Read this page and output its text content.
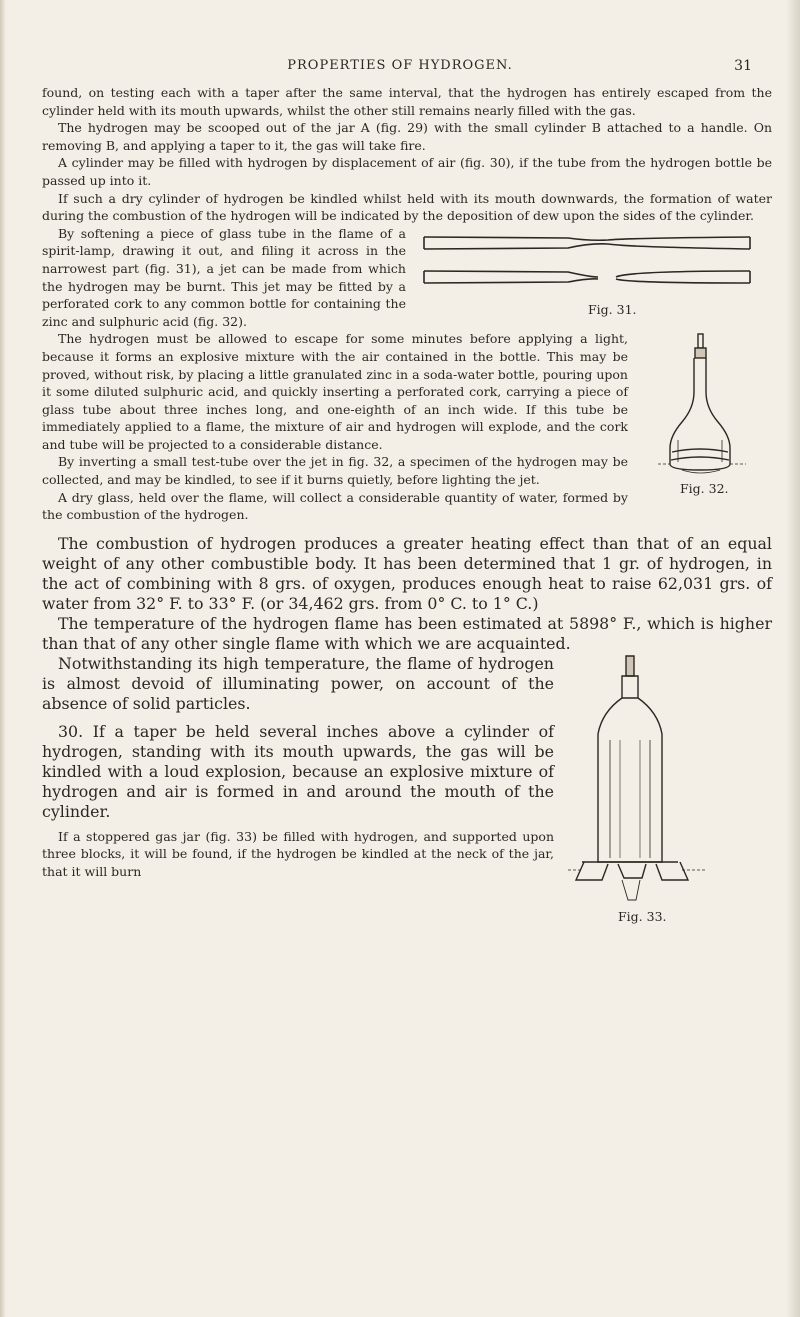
PROPERTIES OF HYDROGEN.	31

found, on testing each with a taper after the same interval, that the hydrogen has entirely escaped from the cylinder held with its mouth upwards, whilst the other still remains nearly filled with the gas.

The hydrogen may be scooped out of the jar A (fig. 29) with the small cylinder B attached to a handle. On removing B, and applying a taper to it, the gas will take fire.

A cylinder may be filled with hydrogen by displacement of air (fig. 30), if the tube from the hydrogen bottle be passed up into it.

If such a dry cylinder of hydrogen be kindled whilst held with its mouth downwards, the formation of water during the combustion of the hydrogen will be indicated by the deposition of dew upon the sides of the cylinder.

Fig. 31.

By softening a piece of glass tube in the flame of a spirit-lamp, drawing it out, and filing it across in the narrowest part (fig. 31), a jet can be made from which the hydrogen may be burnt. This jet may be fitted by a perforated cork to any common bottle for containing the zinc and sulphuric acid (fig. 32).

Fig. 32.

The hydrogen must be allowed to escape for some minutes before applying a light, because it forms an explosive mixture with the air contained in the bottle. This may be proved, without risk, by placing a little granulated zinc in a soda-water bottle, pouring upon it some diluted sulphuric acid, and quickly inserting a perforated cork, carrying a piece of glass tube about three inches long, and one-eighth of an inch wide. If this tube be immediately applied to a flame, the mixture of air and hydrogen will explode, and the cork and tube will be projected to a considerable distance.

By inverting a small test-tube over the jet in fig. 32, a specimen of the hydrogen may be collected, and may be kindled, to see if it burns quietly, before lighting the jet.

A dry glass, held over the flame, will collect a considerable quantity of water, formed by the combustion of the hydrogen.

The combustion of hydrogen produces a greater heating effect than that of an equal weight of any other combustible body. It has been determined that 1 gr. of hydrogen, in the act of combining with 8 grs. of oxygen, produces enough heat to raise 62,031 grs. of water from 32° F. to 33° F. (or 34,462 grs. from 0° C. to 1° C.)

The temperature of the hydrogen flame has been estimated at 5898° F., which is higher than that of any other single flame with which we are acquainted.

Fig. 33.

Notwithstanding its high temperature, the flame of hydrogen is almost devoid of illuminating power, on account of the absence of solid particles.

30. If a taper be held several inches above a cylinder of hydrogen, standing with its mouth upwards, the gas will be kindled with a loud explosion, because an explosive mixture of hydrogen and air is formed in and around the mouth of the cylinder.

If a stoppered gas jar (fig. 33) be filled with hydrogen, and supported upon three blocks, it will be found, if the hydrogen be kindled at the neck of the jar, that it will burn
